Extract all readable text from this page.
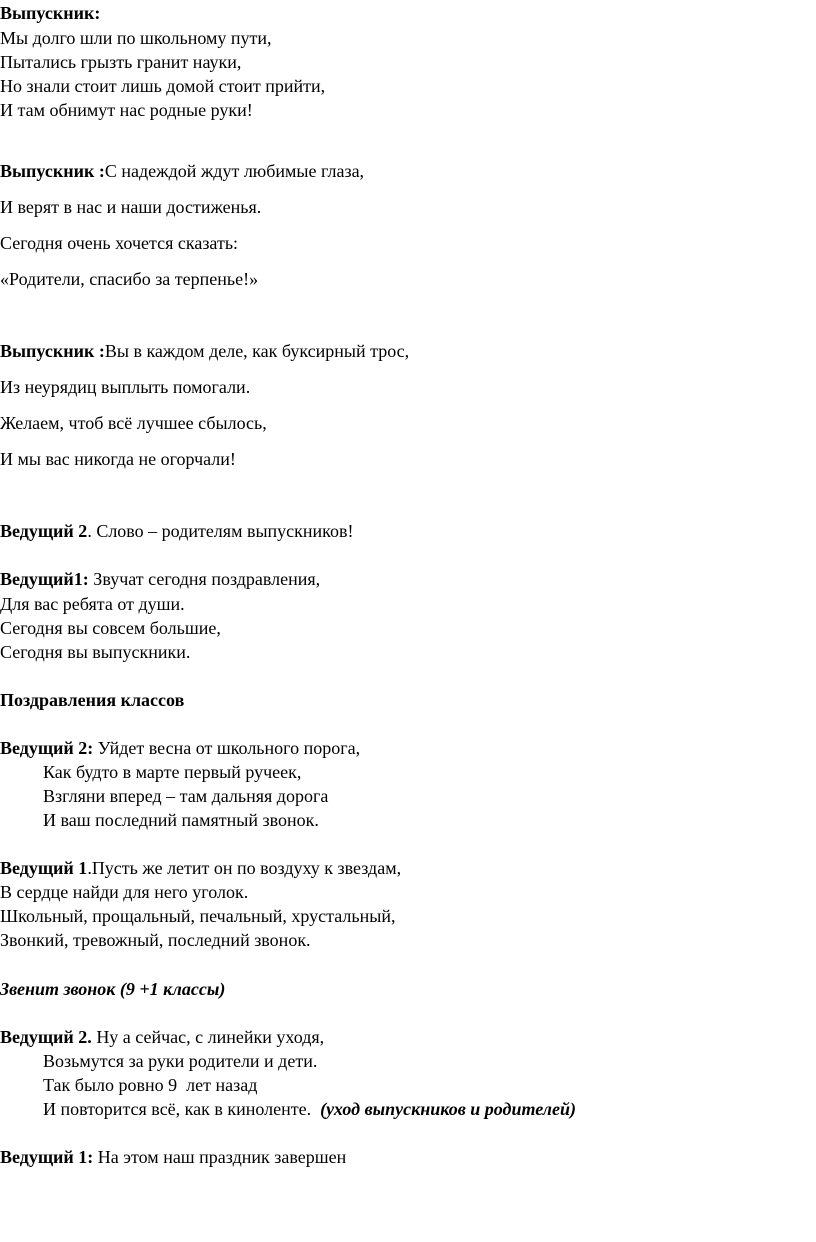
Выпускник:
Мы долго шли по школьному пути,
Пытались грызть гранит науки,
Но знали стоит лишь домой стоит прийти,
И там обнимут нас родные руки!
Выпускник :С надеждой ждут любимые глаза,
И верят в нас и наши достиженья.
Сегодня очень хочется сказать:
«Родители, спасибо за терпенье!»
Выпускник :Вы в каждом деле, как буксирный трос,
Из неурядиц выплыть помогали.
Желаем, чтоб всё лучшее сбылось,
И мы вас никогда не огорчали!
Ведущий 2. Слово – родителям выпускников!
Ведущий1: Звучат сегодня поздравления,
Для вас ребята от души.
Сегодня вы совсем большие,
Сегодня вы выпускники.
Поздравления классов
Ведущий 2: Уйдет весна от школьного порога,
Как будто в марте первый ручеек,
Взгляни вперед – там дальняя дорога
И ваш последний памятный звонок.
Ведущий 1.Пусть же летит он по воздуху к звездам,
В сердце найди для него уголок.
Школьный, прощальный, печальный, хрустальный,
Звонкий, тревожный, последний звонок.
Звенит звонок (9 +1 классы)
Ведущий 2. Ну а сейчас, с линейки уходя,
Возьмутся за руки родители и дети.
Так было ровно 9  лет назад
И повторится всё, как в киноленте.  (уход выпускников и родителей)
Ведущий 1: На этом наш праздник завершен
